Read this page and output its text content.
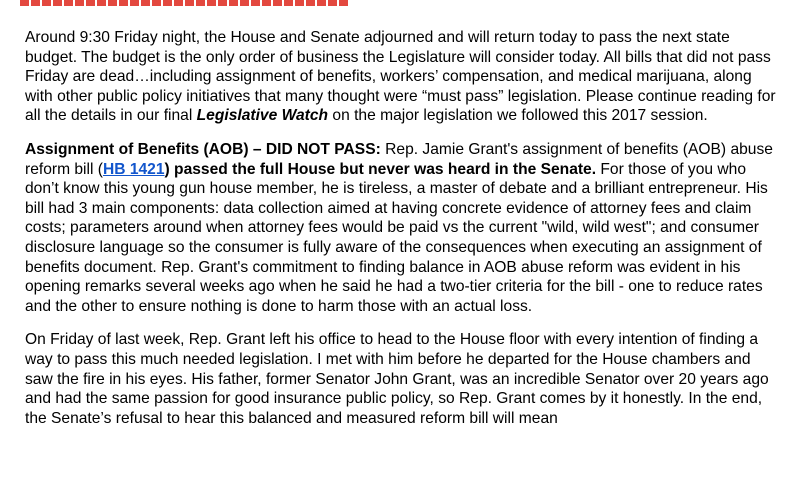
Around 9:30 Friday night, the House and Senate adjourned and will return today to pass the next state budget. The budget is the only order of business the Legislature will consider today. All bills that did not pass Friday are dead…including assignment of benefits, workers’ compensation, and medical marijuana, along with other public policy initiatives that many thought were “must pass” legislation. Please continue reading for all the details in our final Legislative Watch on the major legislation we followed this 2017 session.

Assignment of Benefits (AOB) – DID NOT PASS: Rep. Jamie Grant's assignment of benefits (AOB) abuse reform bill (HB 1421) passed the full House but never was heard in the Senate. For those of you who don’t know this young gun house member, he is tireless, a master of debate and a brilliant entrepreneur. His bill had 3 main components: data collection aimed at having concrete evidence of attorney fees and claim costs; parameters around when attorney fees would be paid vs the current "wild, wild west"; and consumer disclosure language so the consumer is fully aware of the consequences when executing an assignment of benefits document. Rep. Grant's commitment to finding balance in AOB abuse reform was evident in his opening remarks several weeks ago when he said he had a two-tier criteria for the bill - one to reduce rates and the other to ensure nothing is done to harm those with an actual loss.

On Friday of last week, Rep. Grant left his office to head to the House floor with every intention of finding a way to pass this much needed legislation. I met with him before he departed for the House chambers and saw the fire in his eyes. His father, former Senator John Grant, was an incredible Senator over 20 years ago and had the same passion for good insurance public policy, so Rep. Grant comes by it honestly. In the end, the Senate’s refusal to hear this balanced and measured reform bill will mean
